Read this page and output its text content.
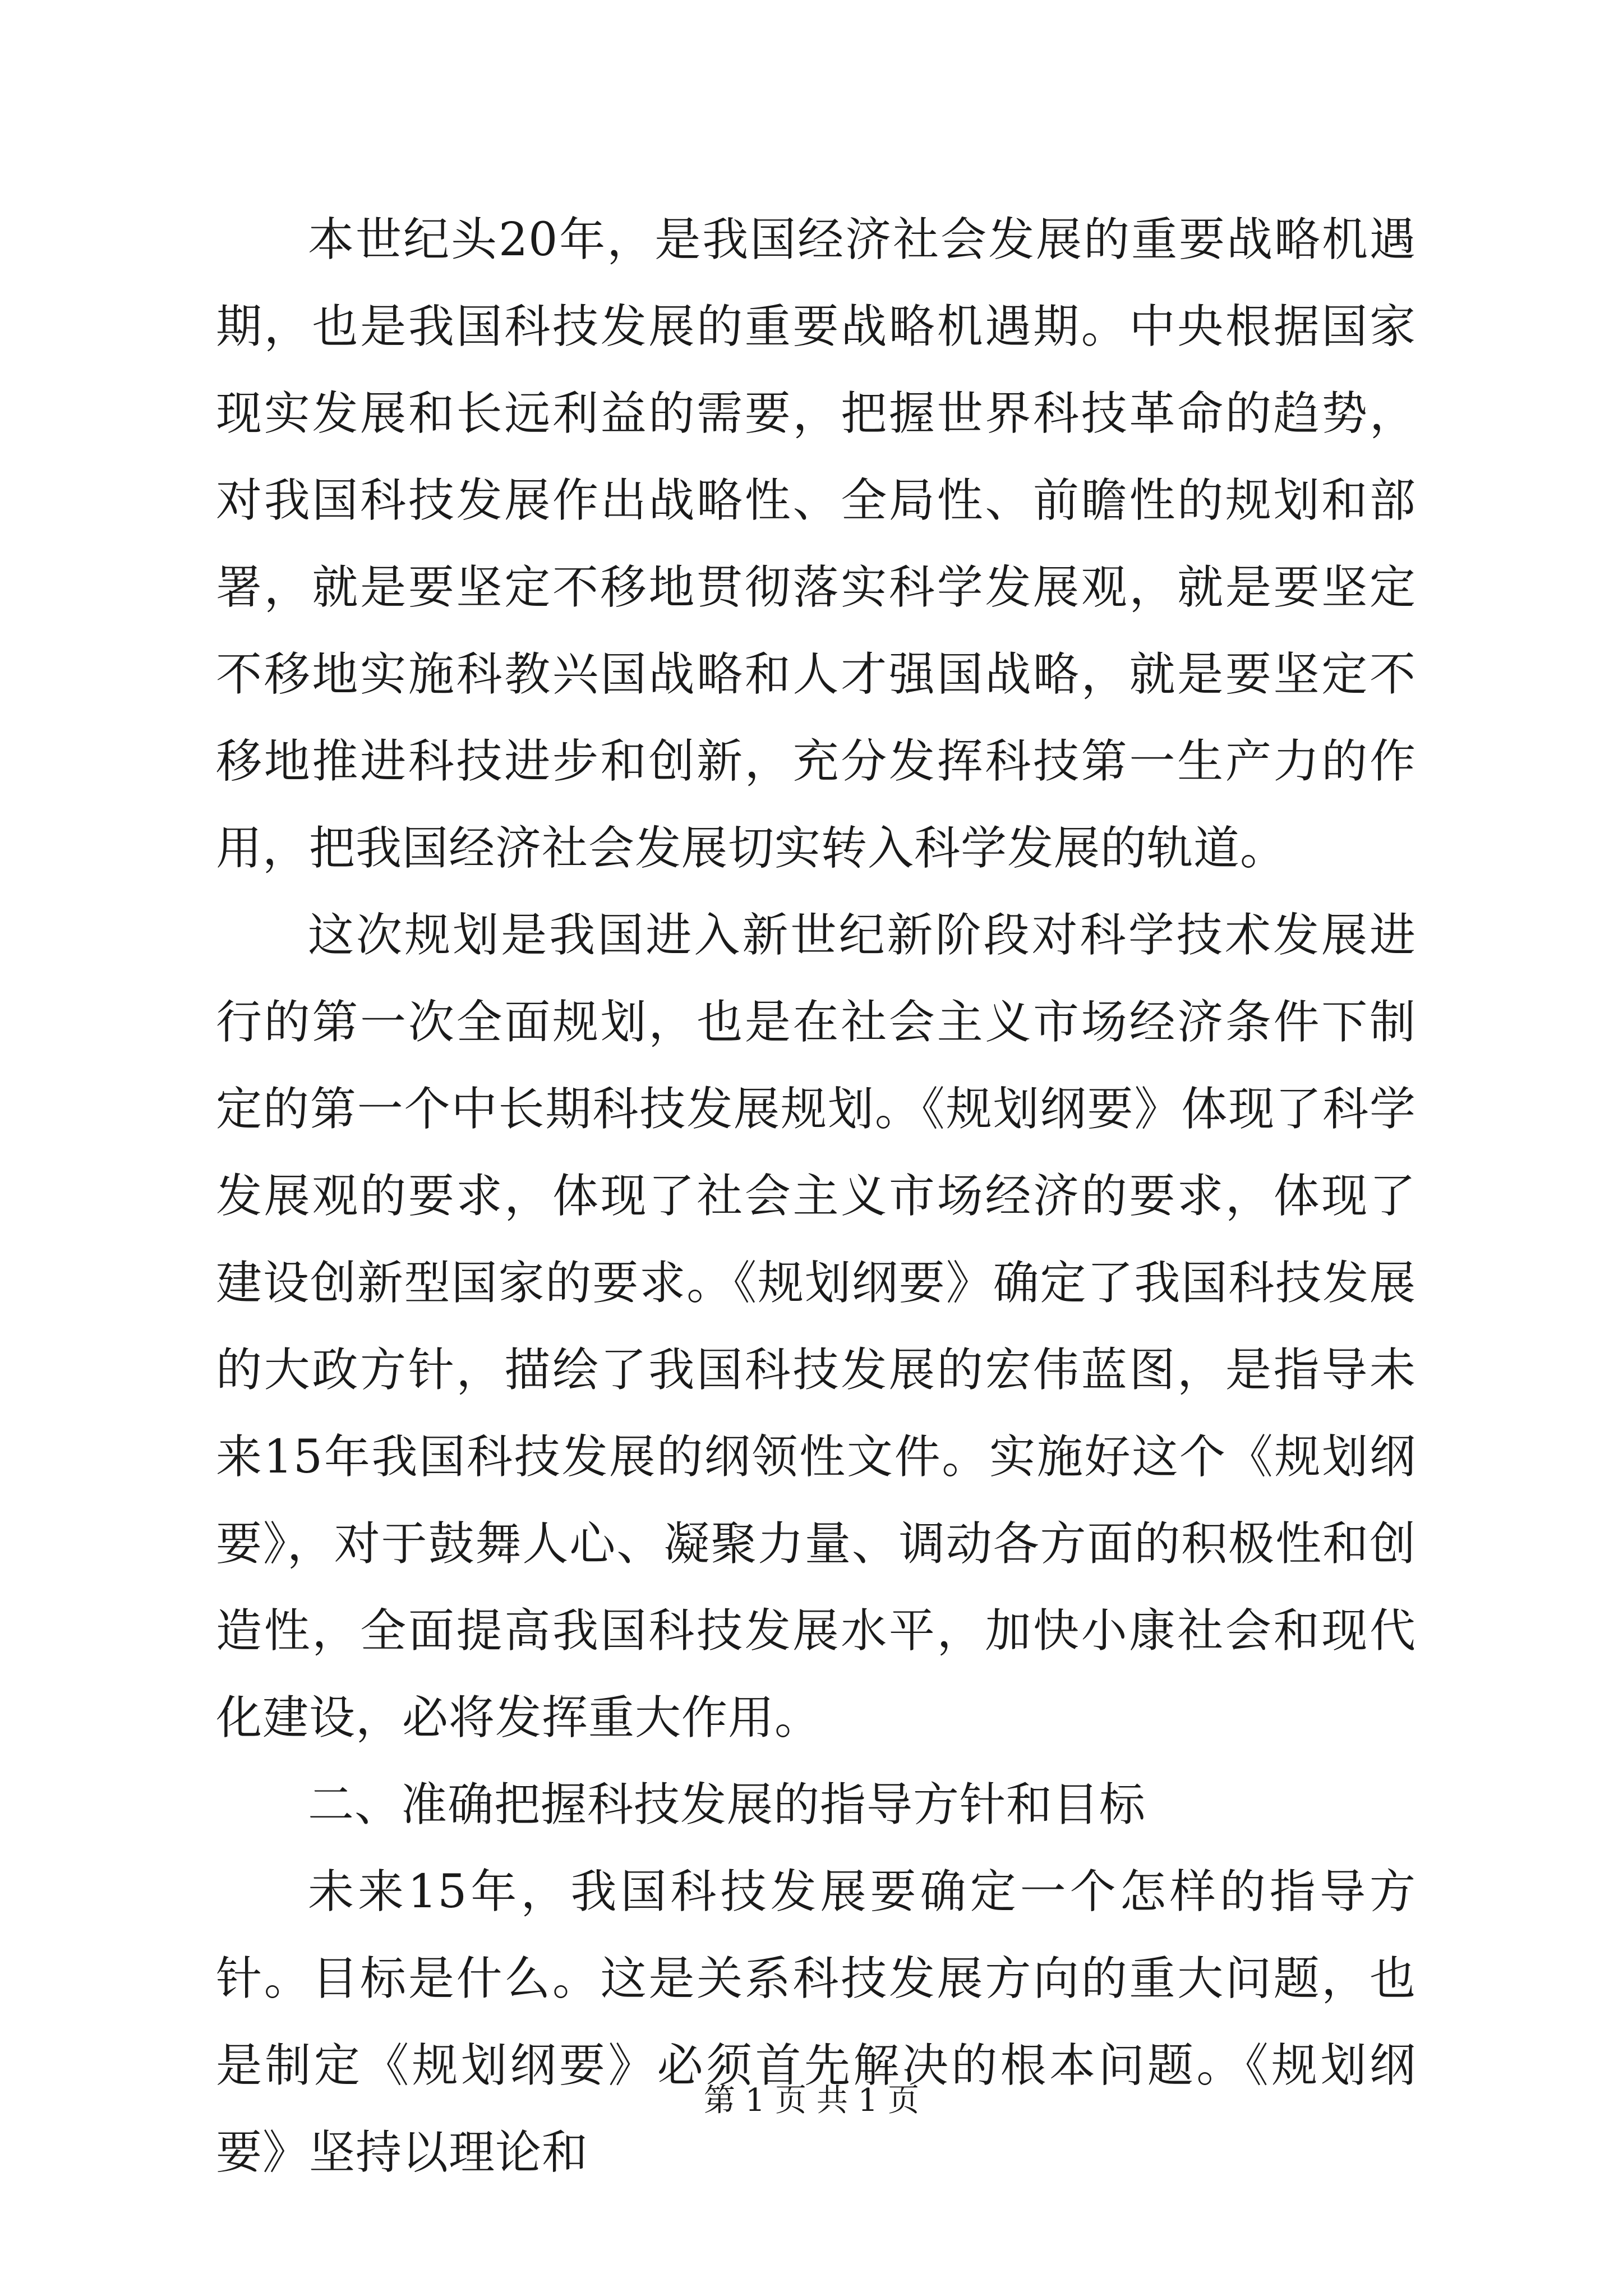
本世纪头20年，是我国经济社会发展的重要战略机遇期，也是我国科技发展的重要战略机遇期。中央根据国家现实发展和长远利益的需要，把握世界科技革命的趋势，对我国科技发展作出战略性、全局性、前瞻性的规划和部署，就是要坚定不移地贯彻落实科学发展观，就是要坚定不移地实施科教兴国战略和人才强国战略，就是要坚定不移地推进科技进步和创新，充分发挥科技第一生产力的作用，把我国经济社会发展切实转入科学发展的轨道。

这次规划是我国进入新世纪新阶段对科学技术发展进行的第一次全面规划，也是在社会主义市场经济条件下制定的第一个中长期科技发展规划。《规划纲要》体现了科学发展观的要求，体现了社会主义市场经济的要求，体现了建设创新型国家的要求。《规划纲要》确定了我国科技发展的大政方针，描绘了我国科技发展的宏伟蓝图，是指导未来15年我国科技发展的纲领性文件。实施好这个《规划纲要》，对于鼓舞人心、凝聚力量、调动各方面的积极性和创造性，全面提高我国科技发展水平，加快小康社会和现代化建设，必将发挥重大作用。

二、准确把握科技发展的指导方针和目标

未来15年，我国科技发展要确定一个怎样的指导方针。目标是什么。这是关系科技发展方向的重大问题，也是制定《规划纲要》必须首先解决的根本问题。《规划纲要》坚持以理论和

第 1 页 共 1 页
